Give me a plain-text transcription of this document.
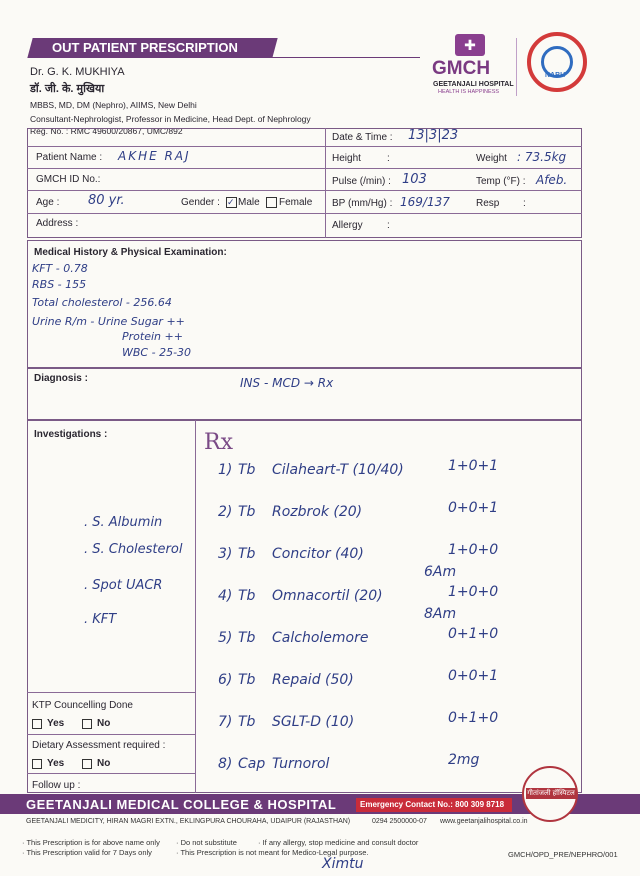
OUT PATIENT PRESCRIPTION
Dr. G. K. MUKHIYA
डॉ. जी. के. मुखिया
MBBS, MD, DM (Nephro), AIIMS, New Delhi
Consultant-Nephrologist, Professor in Medicine, Head Dept. of Nephrology
Reg. No. : RMC 49600/20867, UMC/892
✚
GMCH
GEETANJALI HOSPITAL
HEALTH IS HAPPINESS
NABH
Date & Time : 13|3|23
Patient Name : AKHE RAJ	Height	:	Weight : 73.5kg
GMCH ID No.:	Pulse (/min) : 103	Temp (°F) : Afeb.
Age : 80 yr.	Gender : ✓ Male Female BP (mm/Hg) : 169/137	Resp :
Address :	Allergy :
Medical History & Physical Examination:
KFT - 0.78
RBS - 155
Total cholesterol - 256.64
Urine R/m - Urine Sugar ++
Protein ++
WBC - 25-30
Diagnosis :	INS - MCD → Rx
Investigations :
. S. Albumin
. S. Cholesterol
. Spot UACR
. KFT
Rx
1) Tb Cilaheart-T (10/40)	1+0+1
2) Tb Rozbrok (20)	0+0+1
3) Tb Concitor (40)	1+0+0
6Am
4) Tb Omnacortil (20)	1+0+0
8Am
5) Tb Calcholemore	0+1+0
6) Tb Repaid (50)	0+0+1
7) Tb SGLT-D (10)	0+1+0
8) Cap Turnorol	2mg
KTP Councelling Done
Yes	No
Dietary Assessment required :
Yes	No
Follow up :
GEETANJALI MEDICAL COLLEGE & HOSPITAL	Emergency Contact No.: 800 309 8718
गीतांजली हॉस्पिटल
GEETANJALI MEDICITY, HIRAN MAGRI EXTN., EKLINGPURA CHOURAHA, UDAIPUR (RAJASTHAN)	0294 2500000-07 www.geetanjalihospital.co.in
· This Prescription is for above name only · Do not substitute	· If any allergy, stop medicine and consult doctor
· This Prescription valid for 7 Days only	· This Prescription is not meant for Medico-Legal purpose.	GMCH/OPD_PRE/NEPHRO/001
Ximtu
